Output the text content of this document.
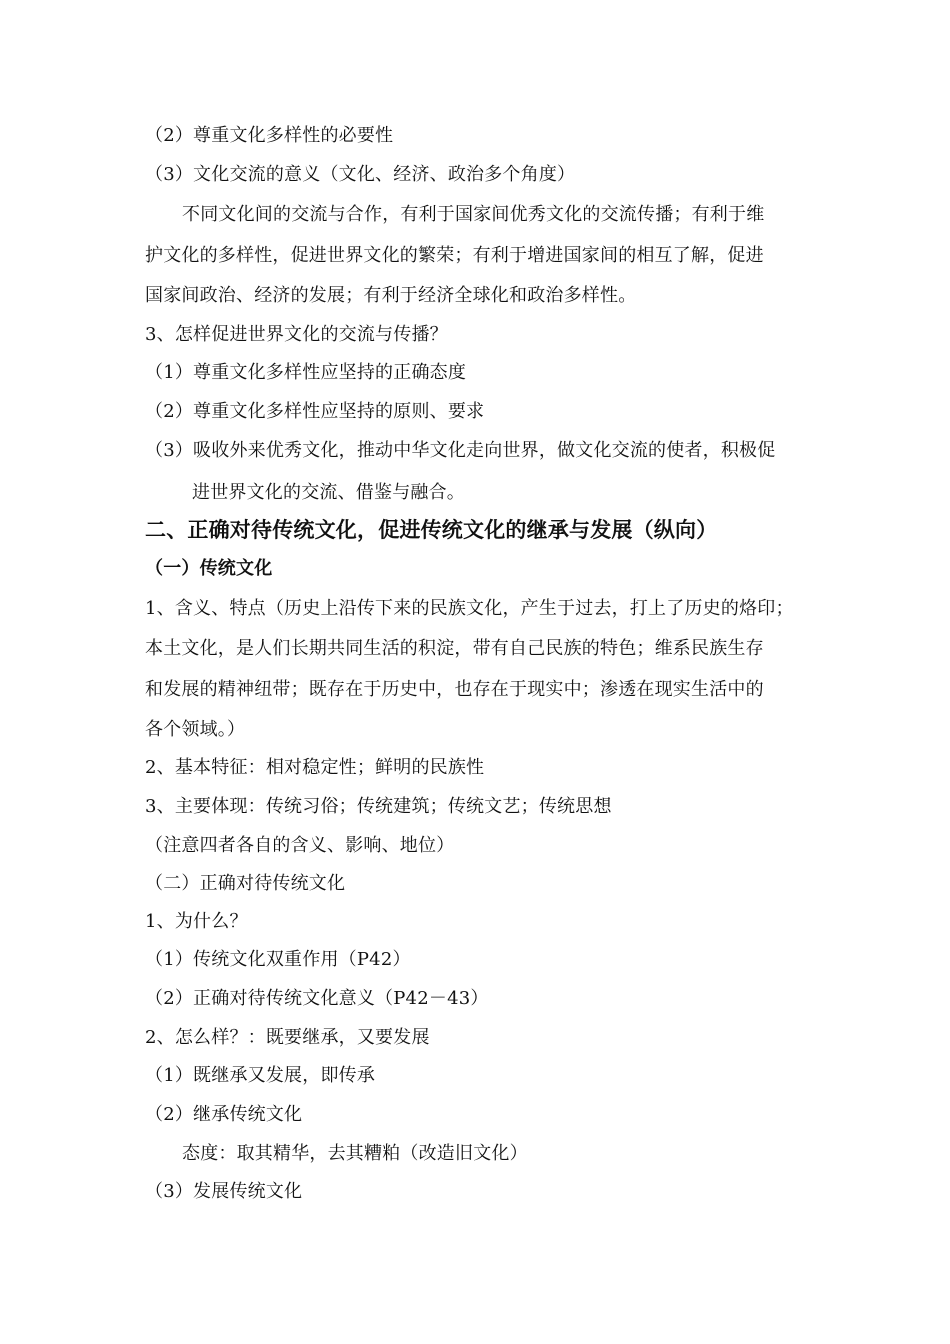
（2）尊重文化多样性的必要性
（3）文化交流的意义（文化、经济、政治多个角度）
不同文化间的交流与合作，有利于国家间优秀文化的交流传播；有利于维
护文化的多样性，促进世界文化的繁荣；有利于增进国家间的相互了解，促进
国家间政治、经济的发展；有利于经济全球化和政治多样性。
3、怎样促进世界文化的交流与传播？
（1）尊重文化多样性应坚持的正确态度
（2）尊重文化多样性应坚持的原则、要求
（3）吸收外来优秀文化，推动中华文化走向世界，做文化交流的使者，积极促
进世界文化的交流、借鉴与融合。
二、正确对待传统文化，促进传统文化的继承与发展（纵向）
（一）传统文化
1、含义、特点（历史上沿传下来的民族文化，产生于过去，打上了历史的烙印；
本土文化，是人们长期共同生活的积淀，带有自己民族的特色；维系民族生存
和发展的精神纽带；既存在于历史中，也存在于现实中；渗透在现实生活中的
各个领域。）
2、基本特征：相对稳定性；鲜明的民族性
3、主要体现：传统习俗；传统建筑；传统文艺；传统思想
（注意四者各自的含义、影响、地位）
（二）正确对待传统文化
1、为什么？
（1）传统文化双重作用（P42）
（2）正确对待传统文化意义（P42－43）
2、怎么样？：既要继承，又要发展
（1）既继承又发展，即传承
（2）继承传统文化
态度：取其精华，去其糟粕（改造旧文化）
（3）发展传统文化
